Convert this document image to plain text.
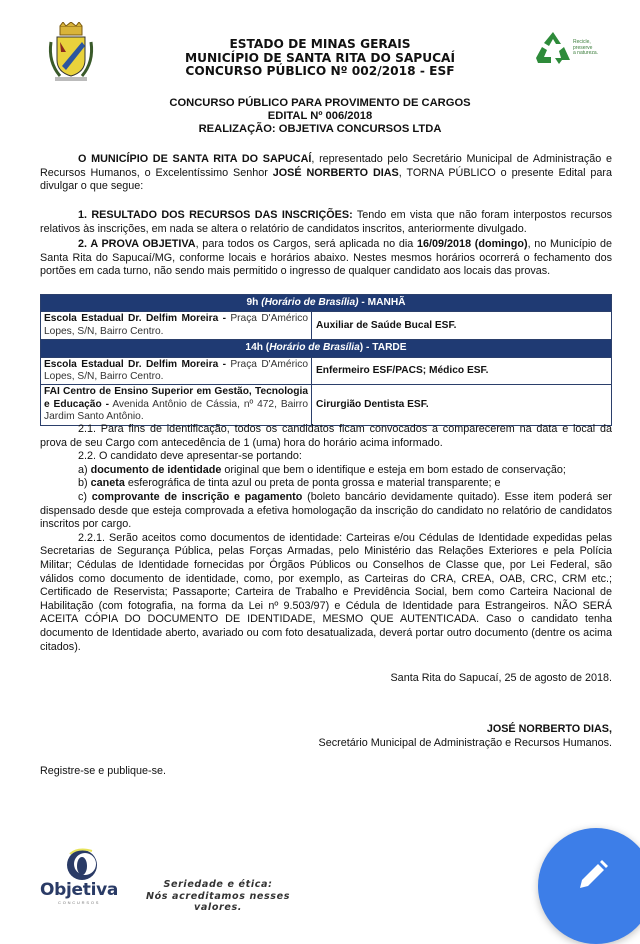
Recicle,
preserve
a natureza.
ESTADO DE MINAS GERAIS
MUNICÍPIO DE SANTA RITA DO SAPUCAÍ
CONCURSO PÚBLICO Nº 002/2018 - ESF
CONCURSO PÚBLICO PARA PROVIMENTO DE CARGOS
EDITAL Nº 006/2018
REALIZAÇÃO: OBJETIVA CONCURSOS LTDA
O MUNICÍPIO DE SANTA RITA DO SAPUCAÍ, representado pelo Secretário Municipal de Administração e Recursos Humanos, o Excelentíssimo Senhor JOSÉ NORBERTO DIAS, TORNA PÚBLICO o presente Edital para divulgar o que segue:
1. RESULTADO DOS RECURSOS DAS INSCRIÇÕES: Tendo em vista que não foram interpostos recursos relativos às inscrições, em nada se altera o relatório de candidatos inscritos, anteriormente divulgado.
2. A PROVA OBJETIVA, para todos os Cargos, será aplicada no dia 16/09/2018 (domingo), no Município de Santa Rita do Sapucaí/MG, conforme locais e horários abaixo. Nestes mesmos horários ocorrerá o fechamento dos portões em cada turno, não sendo mais permitido o ingresso de qualquer candidato aos locais das provas.
9h (Horário de Brasília) - MANHÃ	
Escola Estadual Dr. Delfim Moreira - Praça D'Américo Lopes, S/N, Bairro Centro.	Auxiliar de Saúde Bucal ESF.
14h (Horário de Brasília) - TARDE	
Escola Estadual Dr. Delfim Moreira - Praça D'Américo Lopes, S/N, Bairro Centro.	Enfermeiro ESF/PACS; Médico ESF.
FAI Centro de Ensino Superior em Gestão, Tecnologia e Educação - Avenida Antônio de Cássia, nº 472, Bairro Jardim Santo Antônio.	Cirurgião Dentista ESF.
2.1. Para fins de identificação, todos os candidatos ficam convocados a comparecerem na data e local da prova de seu Cargo com antecedência de 1 (uma) hora do horário acima informado.
2.2. O candidato deve apresentar-se portando:
a) documento de identidade original que bem o identifique e esteja em bom estado de conservação;
b) caneta esferográfica de tinta azul ou preta de ponta grossa e material transparente; e
c) comprovante de inscrição e pagamento (boleto bancário devidamente quitado). Esse item poderá ser dispensado desde que esteja comprovada a efetiva homologação da inscrição do candidato no relatório de candidatos inscritos por cargo.
2.2.1. Serão aceitos como documentos de identidade: Carteiras e/ou Cédulas de Identidade expedidas pelas Secretarias de Segurança Pública, pelas Forças Armadas, pelo Ministério das Relações Exteriores e pela Polícia Militar; Cédulas de Identidade fornecidas por Órgãos Públicos ou Conselhos de Classe que, por Lei Federal, são válidos como documento de identidade, como, por exemplo, as Carteiras do CRA, CREA, OAB, CRC, CRM etc.; Certificado de Reservista; Passaporte; Carteira de Trabalho e Previdência Social, bem como Carteira Nacional de Habilitação (com fotografia, na forma da Lei nº 9.503/97) e Cédula de Identidade para Estrangeiros. NÃO SERÁ ACEITA CÓPIA DO DOCUMENTO DE IDENTIDADE, MESMO QUE AUTENTICADA. Caso o candidato tenha documento de Identidade aberto, avariado ou com foto desatualizada, deverá portar outro documento (dentre os acima citados).
Santa Rita do Sapucaí, 25 de agosto de 2018.
JOSÉ NORBERTO DIAS,
Secretário Municipal de Administração e Recursos Humanos.
Registre-se e publique-se.
Objetiva
CONCURSOS
Seriedade e ética:
Nós acreditamos nesses valores.
